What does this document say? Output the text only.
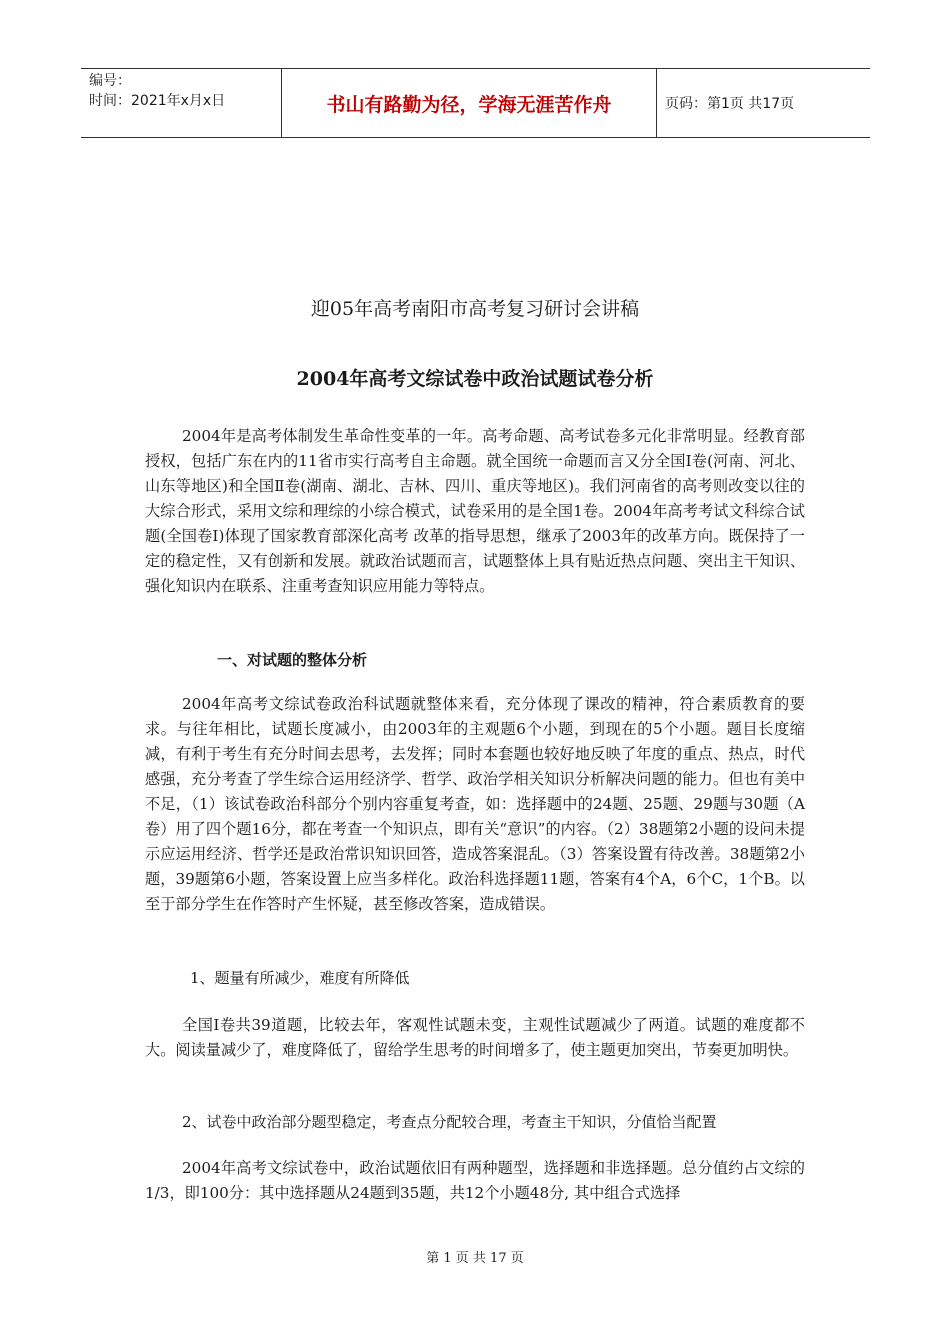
编号：
时间：2021年x月x日	书山有路勤为径，学海无涯苦作舟	页码：第1页 共17页
迎05年高考南阳市高考复习研讨会讲稿
2004年高考文综试卷中政治试题试卷分析

2004年是高考体制发生革命性变革的一年。高考命题、高考试卷多元化非常明显。经教育部授权，包括广东在内的11省市实行高考自主命题。就全国统一命题而言又分全国Ⅰ卷(河南、河北、山东等地区)和全国Ⅱ卷(湖南、湖北、吉林、四川、重庆等地区)。我们河南省的高考则改变以往的大综合形式，采用文综和理综的小综合模式，试卷采用的是全国1卷。2004年高考考试文科综合试题(全国卷Ⅰ)体现了国家教育部深化高考 改革的指导思想，继承了2003年的改革方向。既保持了一定的稳定性，又有创新和发展。就政治试题而言，试题整体上具有贴近热点问题、突出主干知识、强化知识内在联系、注重考查知识应用能力等特点。

一、对试题的整体分析

2004年高考文综试卷政治科试题就整体来看，充分体现了课改的精神，符合素质教育的要求。与往年相比，试题长度减小，由2003年的主观题6个小题，到现在的5个小题。题目长度缩减，有利于考生有充分时间去思考，去发挥；同时本套题也较好地反映了年度的重点、热点，时代感强，充分考查了学生综合运用经济学、哲学、政治学相关知识分析解决问题的能力。但也有美中不足，（1）该试卷政治科部分个别内容重复考查，如：选择题中的24题、25题、29题与30题（A卷）用了四个题16分，都在考查一个知识点，即有关“意识”的内容。（2）38题第2小题的设问未提示应运用经济、哲学还是政治常识知识回答，造成答案混乱。（3）答案设置有待改善。38题第2小题，39题第6小题，答案设置上应当多样化。政治科选择题11题，答案有4个A，6个C，1个B。以至于部分学生在作答时产生怀疑，甚至修改答案，造成错误。

1、题量有所减少，难度有所降低

全国Ⅰ卷共39道题，比较去年，客观性试题未变，主观性试题减少了两道。试题的难度都不大。阅读量减少了，难度降低了，留给学生思考的时间增多了，使主题更加突出，节奏更加明快。

2、试卷中政治部分题型稳定，考查点分配较合理，考查主干知识，分值恰当配置

2004年高考文综试卷中，政治试题依旧有两种题型，选择题和非选择题。总分值约占文综的1/3，即100分：其中选择题从24题到35题，共12个小题48分, 其中组合式选择

第 1 页 共 17 页
